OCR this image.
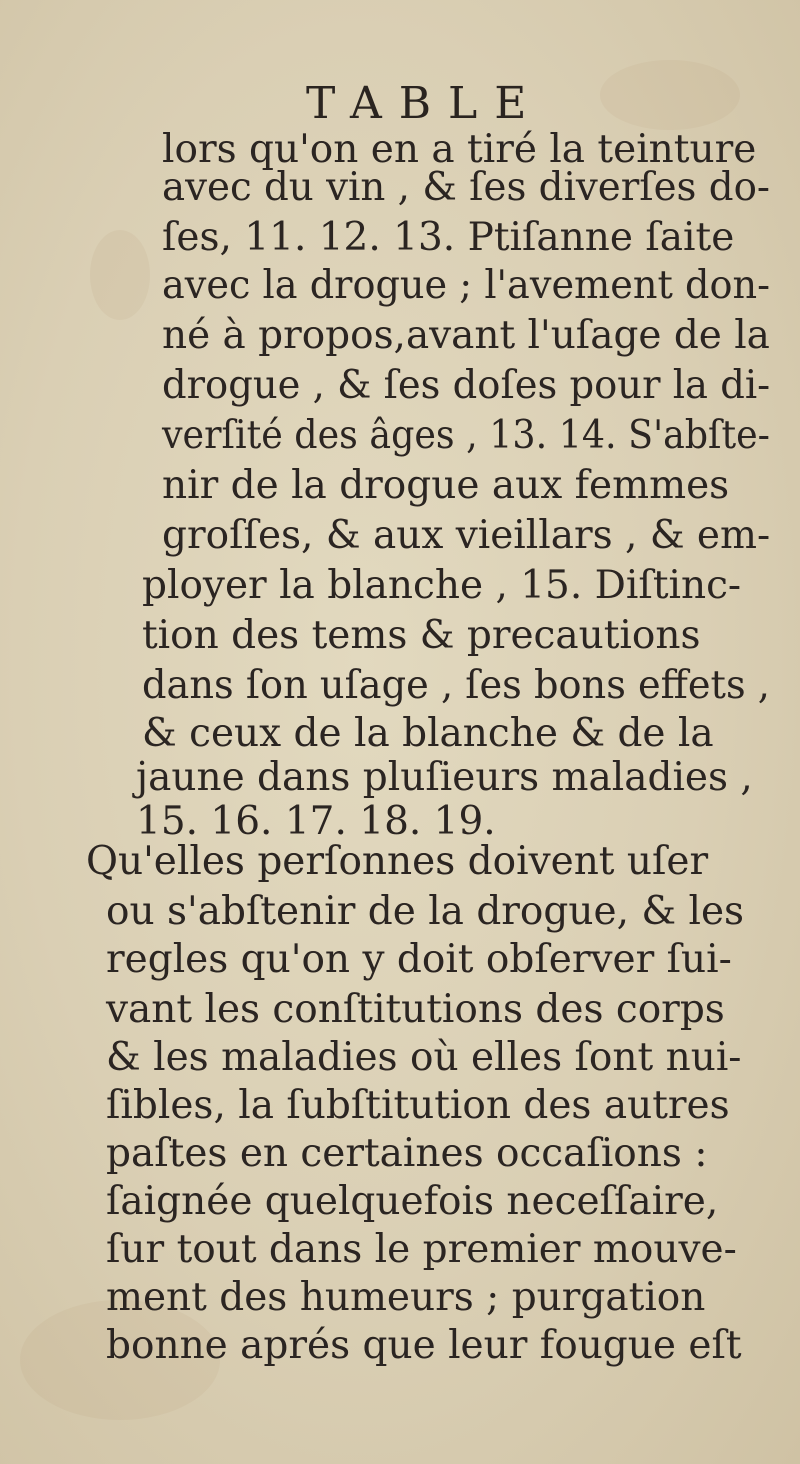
TABLE
lors qu'on en a tiré la teinture
avec du vin , & ſes diverſes do-
ſes, 11. 12. 13. Ptiſanne ſaite
avec la drogue ; l'avement don-
né à propos,avant l'uſage de la
drogue , & ſes doſes pour la di-
verſité des âges , 13. 14. S'abſte-
nir de la drogue aux femmes
groſſes, & aux vieillars , & em-
ployer la blanche , 15. Diſtinc-
tion des tems & precautions
dans ſon uſage , ſes bons effets ,
& ceux de la blanche & de la
jaune dans pluſieurs maladies ,
15. 16. 17. 18. 19.
Qu'elles perſonnes doivent uſer
ou s'abſtenir de la drogue, & les
regles qu'on y doit obſerver ſui-
vant les conſtitutions des corps
& les maladies où elles ſont nui-
ſibles, la ſubſtitution des autres
paſtes en certaines occaſions :
ſaignée quelquefois neceſſaire,
ſur tout dans le premier mouve-
ment des humeurs ; purgation
bonne aprés que leur fougue eſt
